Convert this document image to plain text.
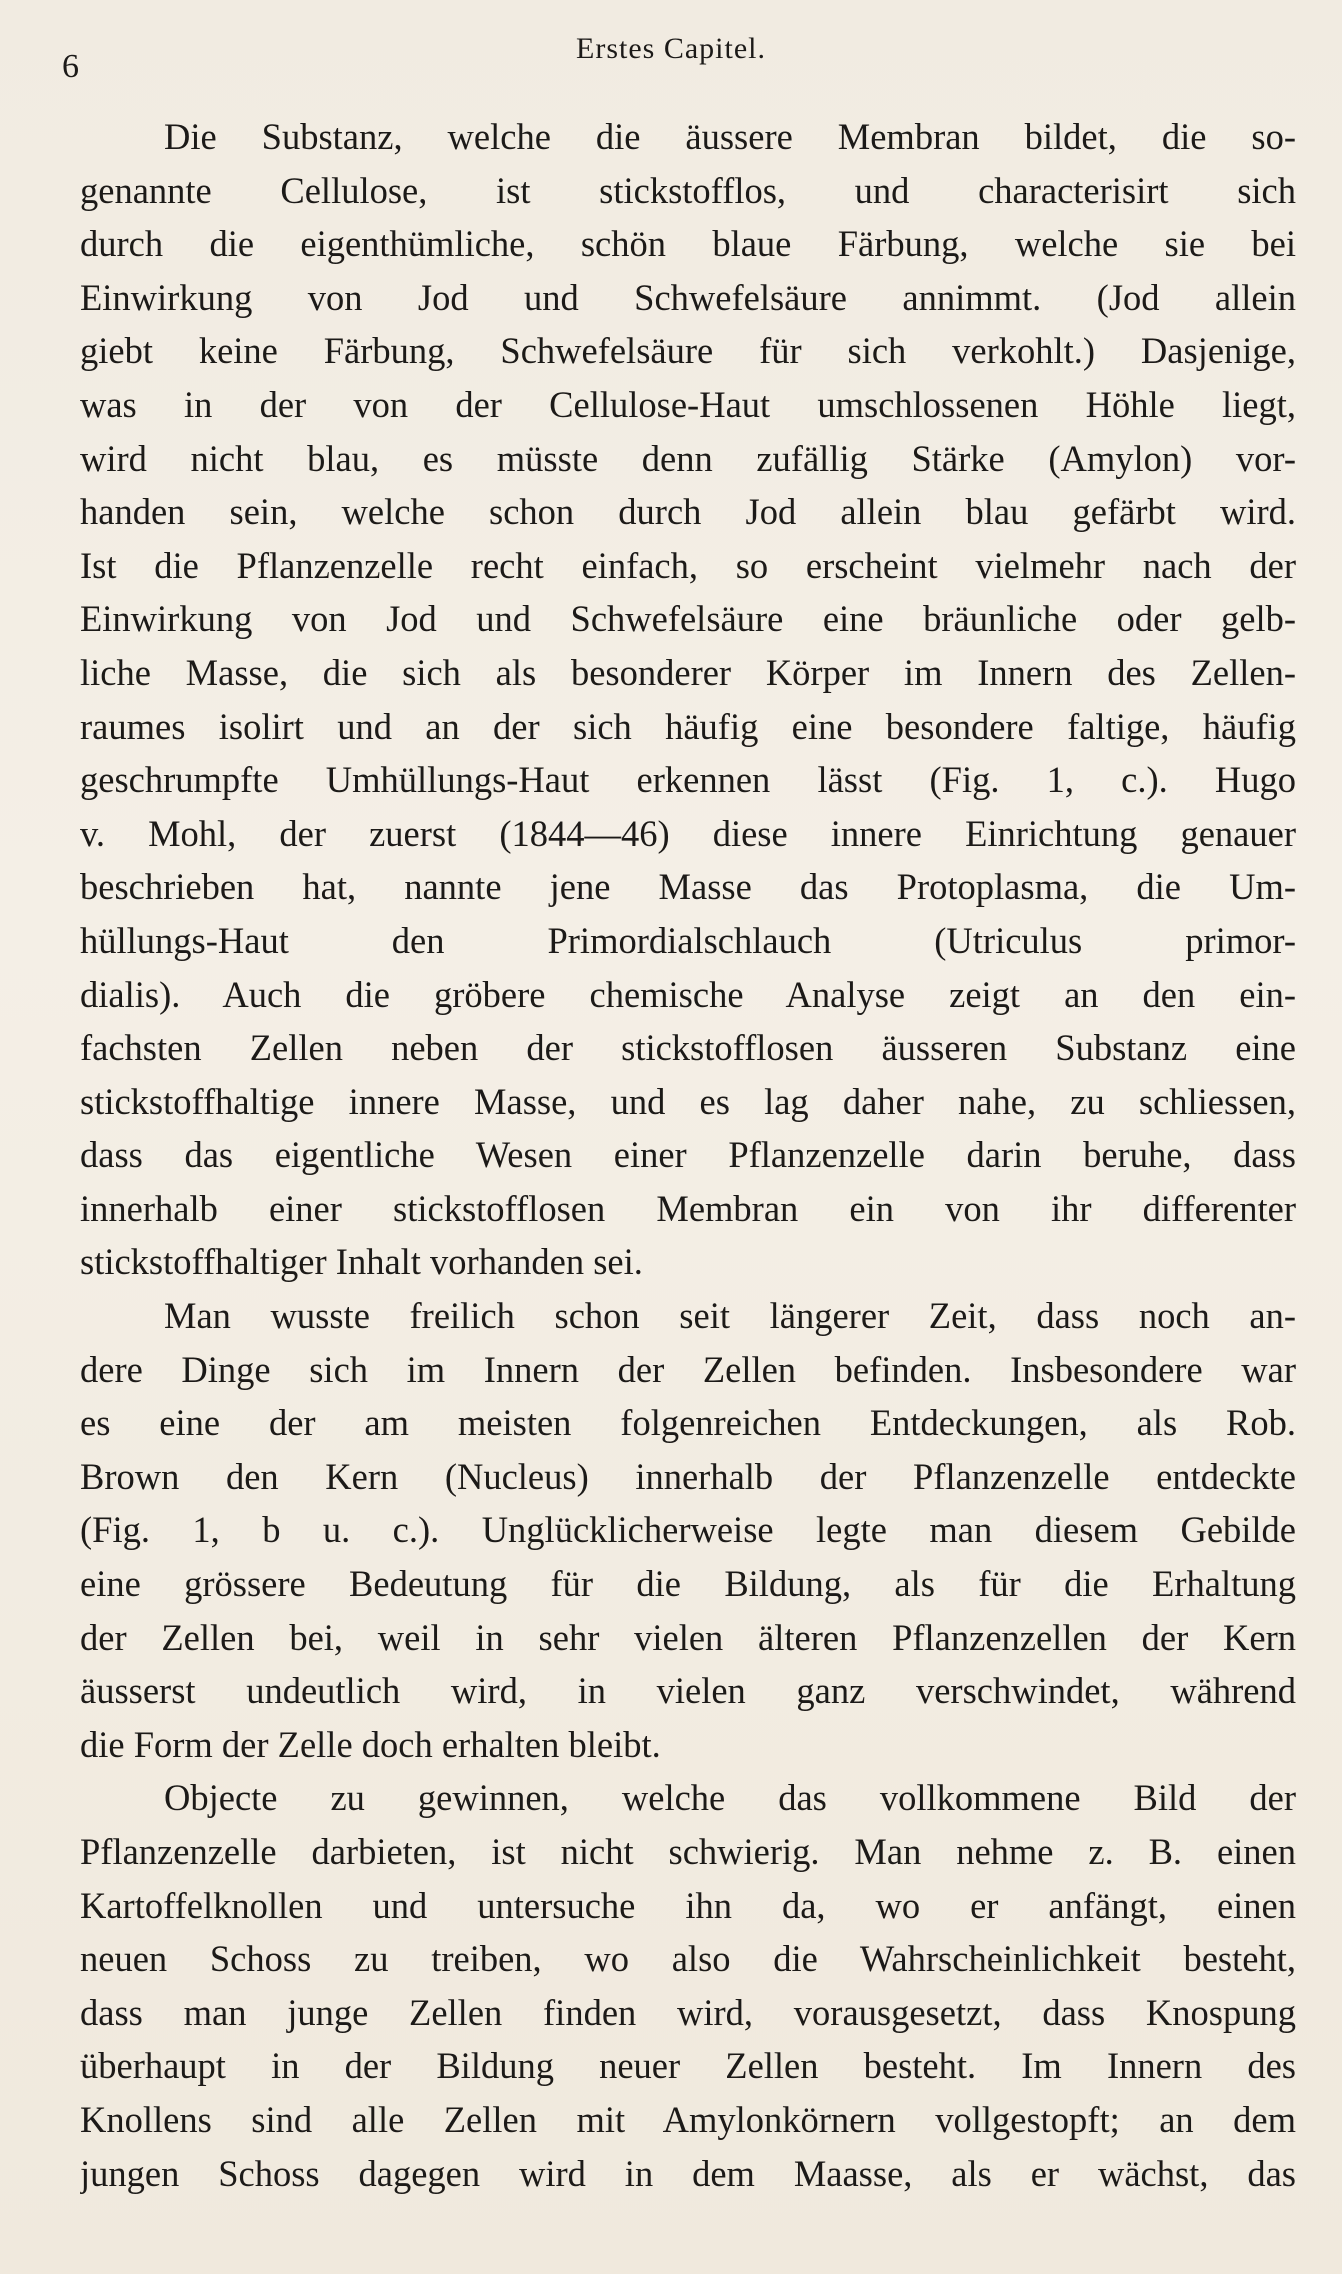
6	Erstes Capitel.
Die Substanz, welche die äussere Membran bildet, die so-
genannte Cellulose, ist stickstofflos, und characterisirt sich
durch die eigenthümliche, schön blaue Färbung, welche sie bei
Einwirkung von Jod und Schwefelsäure annimmt. (Jod allein
giebt keine Färbung, Schwefelsäure für sich verkohlt.) Dasjenige,
was in der von der Cellulose-Haut umschlossenen Höhle liegt,
wird nicht blau, es müsste denn zufällig Stärke (Amylon) vor-
handen sein, welche schon durch Jod allein blau gefärbt wird.
Ist die Pflanzenzelle recht einfach, so erscheint vielmehr nach der
Einwirkung von Jod und Schwefelsäure eine bräunliche oder gelb-
liche Masse, die sich als besonderer Körper im Innern des Zellen-
raumes isolirt und an der sich häufig eine besondere faltige, häufig
geschrumpfte Umhüllungs-Haut erkennen lässt (Fig. 1, c.). Hugo
v. Mohl, der zuerst (1844—46) diese innere Einrichtung genauer
beschrieben hat, nannte jene Masse das Protoplasma, die Um-
hüllungs-Haut den Primordialschlauch (Utriculus primor-
dialis). Auch die gröbere chemische Analyse zeigt an den ein-
fachsten Zellen neben der stickstofflosen äusseren Substanz eine
stickstoffhaltige innere Masse, und es lag daher nahe, zu schliessen,
dass das eigentliche Wesen einer Pflanzenzelle darin beruhe, dass
innerhalb einer stickstofflosen Membran ein von ihr differenter
stickstoffhaltiger Inhalt vorhanden sei.
Man wusste freilich schon seit längerer Zeit, dass noch an-
dere Dinge sich im Innern der Zellen befinden. Insbesondere war
es eine der am meisten folgenreichen Entdeckungen, als Rob.
Brown den Kern (Nucleus) innerhalb der Pflanzenzelle entdeckte
(Fig. 1, b u. c.). Unglücklicherweise legte man diesem Gebilde
eine grössere Bedeutung für die Bildung, als für die Erhaltung
der Zellen bei, weil in sehr vielen älteren Pflanzenzellen der Kern
äusserst undeutlich wird, in vielen ganz verschwindet, während
die Form der Zelle doch erhalten bleibt.
Objecte zu gewinnen, welche das vollkommene Bild der
Pflanzenzelle darbieten, ist nicht schwierig. Man nehme z. B. einen
Kartoffelknollen und untersuche ihn da, wo er anfängt, einen
neuen Schoss zu treiben, wo also die Wahrscheinlichkeit besteht,
dass man junge Zellen finden wird, vorausgesetzt, dass Knospung
überhaupt in der Bildung neuer Zellen besteht. Im Innern des
Knollens sind alle Zellen mit Amylonkörnern vollgestopft; an dem
jungen Schoss dagegen wird in dem Maasse, als er wächst, das
